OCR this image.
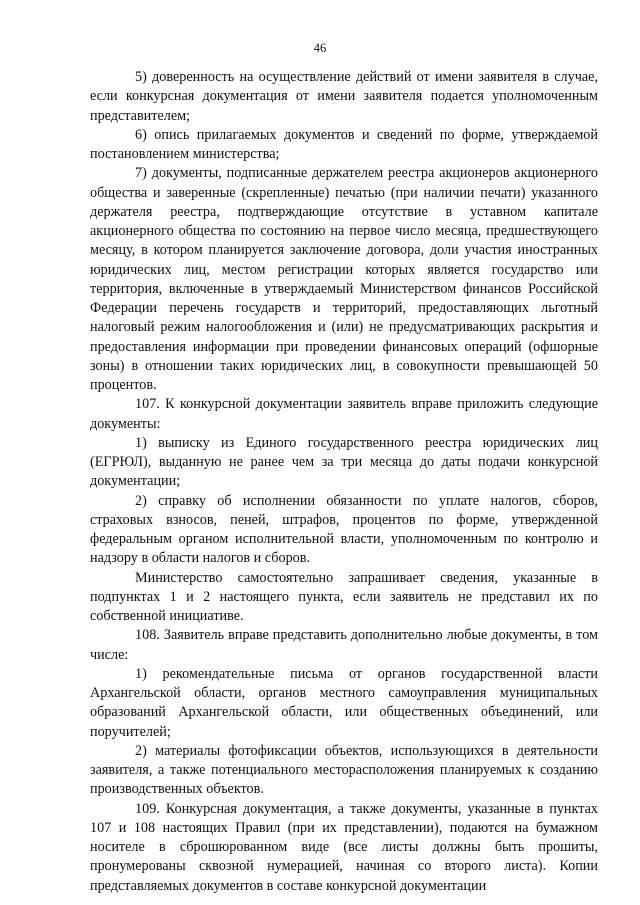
46

5) доверенность на осуществление действий от имени заявителя в случае, если конкурсная документация от имени заявителя подается уполномоченным представителем;

6) опись прилагаемых документов и сведений по форме, утверждаемой постановлением министерства;

7) документы, подписанные держателем реестра акционеров акционерного общества и заверенные (скрепленные) печатью (при наличии печати) указанного держателя реестра, подтверждающие отсутствие в уставном капитале акционерного общества по состоянию на первое число месяца, предшествующего месяцу, в котором планируется заключение договора, доли участия иностранных юридических лиц, местом регистрации которых является государство или территория, включенные в утверждаемый Министерством финансов Российской Федерации перечень государств и территорий, предоставляющих льготный налоговый режим налогообложения и (или) не предусматривающих раскрытия и предоставления информации при проведении финансовых операций (офшорные зоны) в отношении таких юридических лиц, в совокупности превышающей 50 процентов.

107. К конкурсной документации заявитель вправе приложить следующие документы:

1) выписку из Единого государственного реестра юридических лиц (ЕГРЮЛ), выданную не ранее чем за три месяца до даты подачи конкурсной документации;

2) справку об исполнении обязанности по уплате налогов, сборов, страховых взносов, пеней, штрафов, процентов по форме, утвержденной федеральным органом исполнительной власти, уполномоченным по контролю и надзору в области налогов и сборов.

Министерство самостоятельно запрашивает сведения, указанные в подпунктах 1 и 2 настоящего пункта, если заявитель не представил их по собственной инициативе.

108. Заявитель вправе представить дополнительно любые документы, в том числе:

1) рекомендательные письма от органов государственной власти Архангельской области, органов местного самоуправления муниципальных образований Архангельской области, или общественных объединений, или поручителей;

2) материалы фотофиксации объектов, использующихся в деятельности заявителя, а также потенциального месторасположения планируемых к созданию производственных объектов.

109. Конкурсная документация, а также документы, указанные в пунктах 107 и 108 настоящих Правил (при их представлении), подаются на бумажном носителе в сброшюрованном виде (все листы должны быть прошиты, пронумерованы сквозной нумерацией, начиная со второго листа). Копии представляемых документов в составе конкурсной документации
